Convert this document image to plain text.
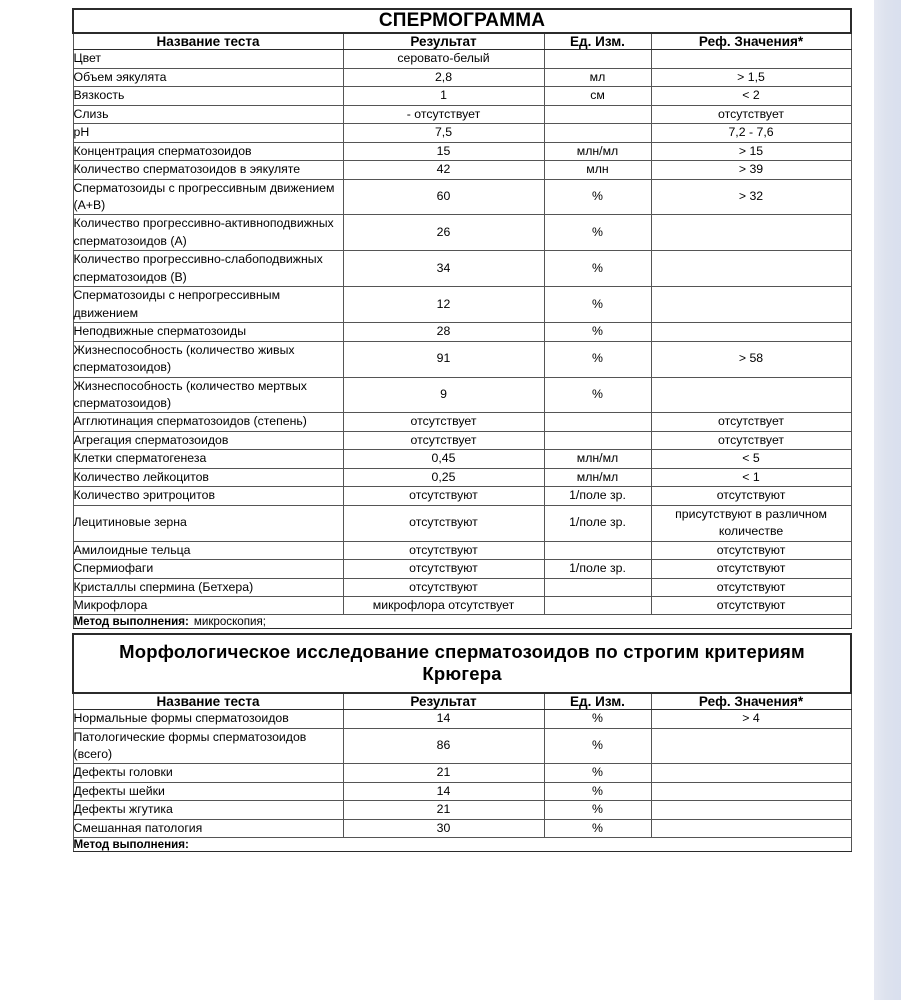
СПЕРМОГРАММА			
Название теста	Результат	Ед. Изм.	Реф. Значения*
Цвет	серовато-белый		
Объем эякулята	2,8	мл	> 1,5
Вязкость	1	см	< 2
Слизь	- отсутствует		отсутствует
pH	7,5		7,2 - 7,6
Концентрация сперматозоидов	15	млн/мл	> 15
Количество сперматозоидов в эякуляте	42	млн	> 39
Сперматозоиды с прогрессивным движением (A+B)	60	%	> 32
Количество прогрессивно-активноподвижных сперматозоидов (A)	26	%	
Количество прогрессивно-слабоподвижных сперматозоидов (B)	34	%	
Сперматозоиды с непрогрессивным движением	12	%	
Неподвижные сперматозоиды	28	%	
Жизнеспособность (количество живых сперматозоидов)	91	%	> 58
Жизнеспособность (количество мертвых сперматозоидов)	9	%	
Агглютинация сперматозоидов (степень)	отсутствует		отсутствует
Агрегация сперматозоидов	отсутствует		отсутствует
Клетки сперматогенеза	0,45	млн/мл	< 5
Количество лейкоцитов	0,25	млн/мл	< 1
Количество эритроцитов	отсутствуют	1/поле зр.	отсутствуют
Лецитиновые зерна	отсутствуют	1/поле зр.	присутствуют в различном количестве
Амилоидные тельца	отсутствуют		отсутствуют
Спермиофаги	отсутствуют	1/поле зр.	отсутствуют
Кристаллы спермина (Бетхера)	отсутствуют		отсутствуют
Микрофлора	микрофлора отсутствует		отсутствуют
Метод выполнения: микроскопия;			
Морфологическое исследование сперматозоидов по строгим критериям Крюгера			
Название теста	Результат	Ед. Изм.	Реф. Значения*
Нормальные формы сперматозоидов	14	%	> 4
Патологические формы сперматозоидов (всего)	86	%	
Дефекты головки	21	%	
Дефекты шейки	14	%	
Дефекты жгутика	21	%	
Смешанная патология	30	%	
Метод выполнения:			
